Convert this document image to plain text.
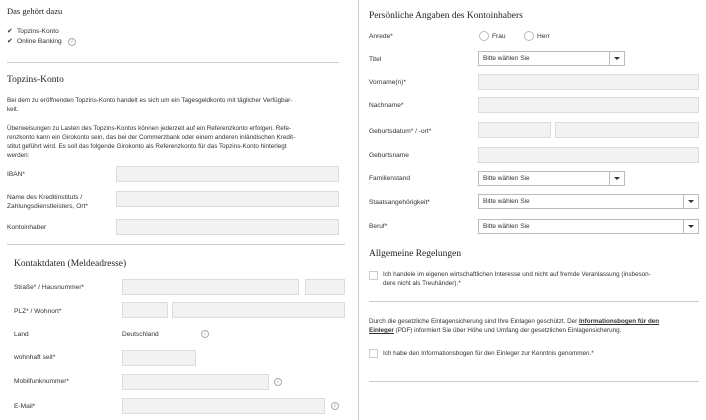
Das gehört dazu
✔ Topzins-Konto
✔ Online Banking	i
Topzins-Konto
Bei dem zu eröffnenden Topzins-Konto handelt es sich um ein Tagesgeldkonto mit täglicher Verfügbar-
keit.
Überweisungen zu Lasten des Topzins-Kontos können jederzeit auf ein Referenzkonto erfolgen. Refe-
renzkonto kann ein Girokonto sein, das bei der Commerzbank oder einem anderen inländischen Kredit-
stitut geführt wird. Es soll das folgende Girokonto als Referenzkonto für das Topzins-Konto hinterlegt
werden:
IBAN*
Name des Kreditinstituts /
Zahlungsdienstleisters, Ort*
Kontoinhaber
Kontaktdaten (Meldeadresse)
Straße* / Hausnummer*
PLZ* / Wohnort*
Land	Deutschland	i
wohnhaft seit*
Mobilfunknummer*	i
E-Mail*	i
Persönliche Angaben des Kontoinhabers
Anrede*	Frau	Herr
Titel	Bitte wählen Sie
Vorname(n)*
Nachname*
Geburtsdatum* / -ort*
Geburtsname
Familienstand	Bitte wählen Sie
Staatsangehörigkeit*	Bitte wählen Sie
Beruf*	Bitte wählen Sie
Allgemeine Regelungen
Ich handele im eigenen wirtschaftlichen Interesse und nicht auf fremde Veranlassung (insbeson-
dere nicht als Treuhänder).*
Durch die gesetzliche Einlagensicherung sind Ihre Einlagen geschützt. Der Informationsbogen für den
Einleger (PDF) informiert Sie über Höhe und Umfang der gesetzlichen Einlagensicherung.
Ich habe den Informationsbogen für den Einleger zur Kenntnis genommen.*
